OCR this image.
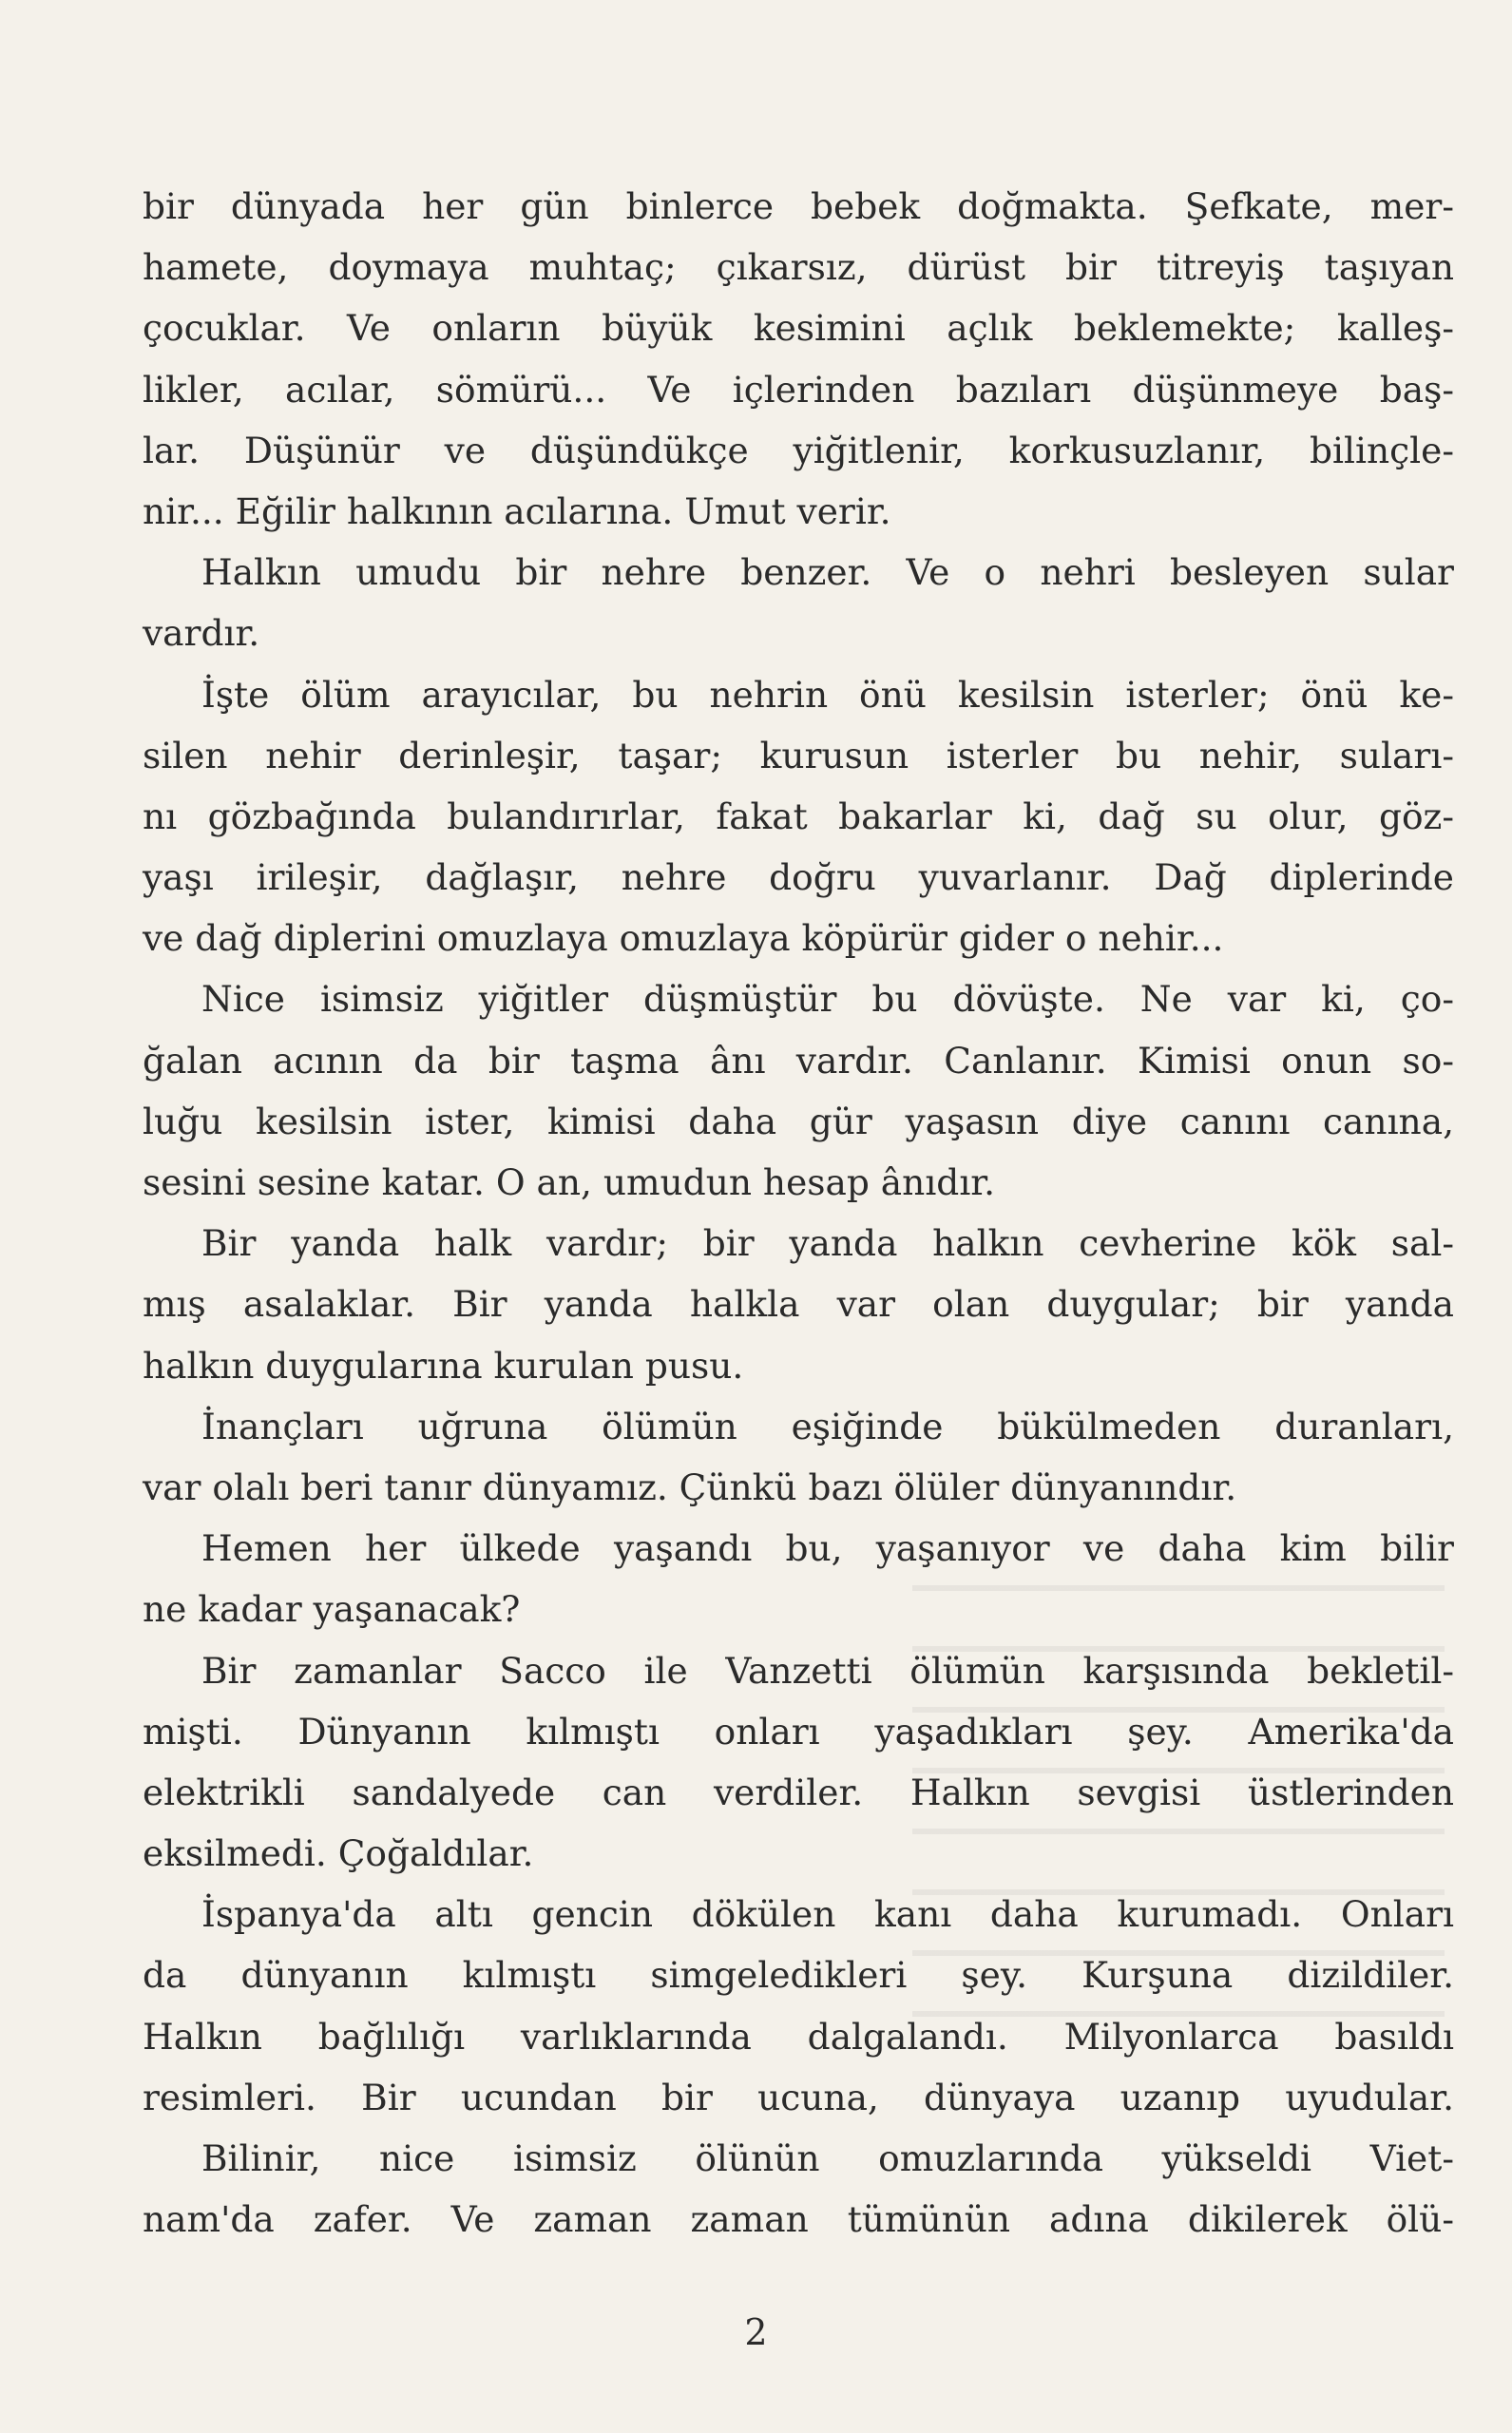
bir dünyada her gün binlerce bebek doğmakta. Şefkate, mer-
hamete, doymaya muhtaç; çıkarsız, dürüst bir titreyiş taşıyan
çocuklar. Ve onların büyük kesimini açlık beklemekte; kalleş-
likler, acılar, sömürü... Ve içlerinden bazıları düşünmeye baş-
lar. Düşünür ve düşündükçe yiğitlenir, korkusuzlanır, bilinçle-
nir... Eğilir halkının acılarına. Umut verir.
Halkın umudu bir nehre benzer. Ve o nehri besleyen sular
vardır.
İşte ölüm arayıcılar, bu nehrin önü kesilsin isterler; önü ke-
silen nehir derinleşir, taşar; kurusun isterler bu nehir, suları-
nı gözbağında bulandırırlar, fakat bakarlar ki, dağ su olur, göz-
yaşı irileşir, dağlaşır, nehre doğru yuvarlanır. Dağ diplerinde
ve dağ diplerini omuzlaya omuzlaya köpürür gider o nehir...
Nice isimsiz yiğitler düşmüştür bu dövüşte. Ne var ki, ço-
ğalan acının da bir taşma ânı vardır. Canlanır. Kimisi onun so-
luğu kesilsin ister, kimisi daha gür yaşasın diye canını canına,
sesini sesine katar. O an, umudun hesap ânıdır.
Bir yanda halk vardır; bir yanda halkın cevherine kök sal-
mış asalaklar. Bir yanda halkla var olan duygular; bir yanda
halkın duygularına kurulan pusu.
İnançları uğruna ölümün eşiğinde bükülmeden duranları,
var olalı beri tanır dünyamız. Çünkü bazı ölüler dünyanındır.
Hemen her ülkede yaşandı bu, yaşanıyor ve daha kim bilir
ne kadar yaşanacak?
Bir zamanlar Sacco ile Vanzetti ölümün karşısında bekletil-
mişti. Dünyanın kılmıştı onları yaşadıkları şey. Amerika'da
elektrikli sandalyede can verdiler. Halkın sevgisi üstlerinden
eksilmedi. Çoğaldılar.
İspanya'da altı gencin dökülen kanı daha kurumadı. Onları
da dünyanın kılmıştı simgeledikleri şey. Kurşuna dizildiler.
Halkın bağlılığı varlıklarında dalgalandı. Milyonlarca basıldı
resimleri. Bir ucundan bir ucuna, dünyaya uzanıp uyudular.
Bilinir, nice isimsiz ölünün omuzlarında yükseldi Viet-
nam'da zafer. Ve zaman zaman tümünün adına dikilerek ölü-
2
